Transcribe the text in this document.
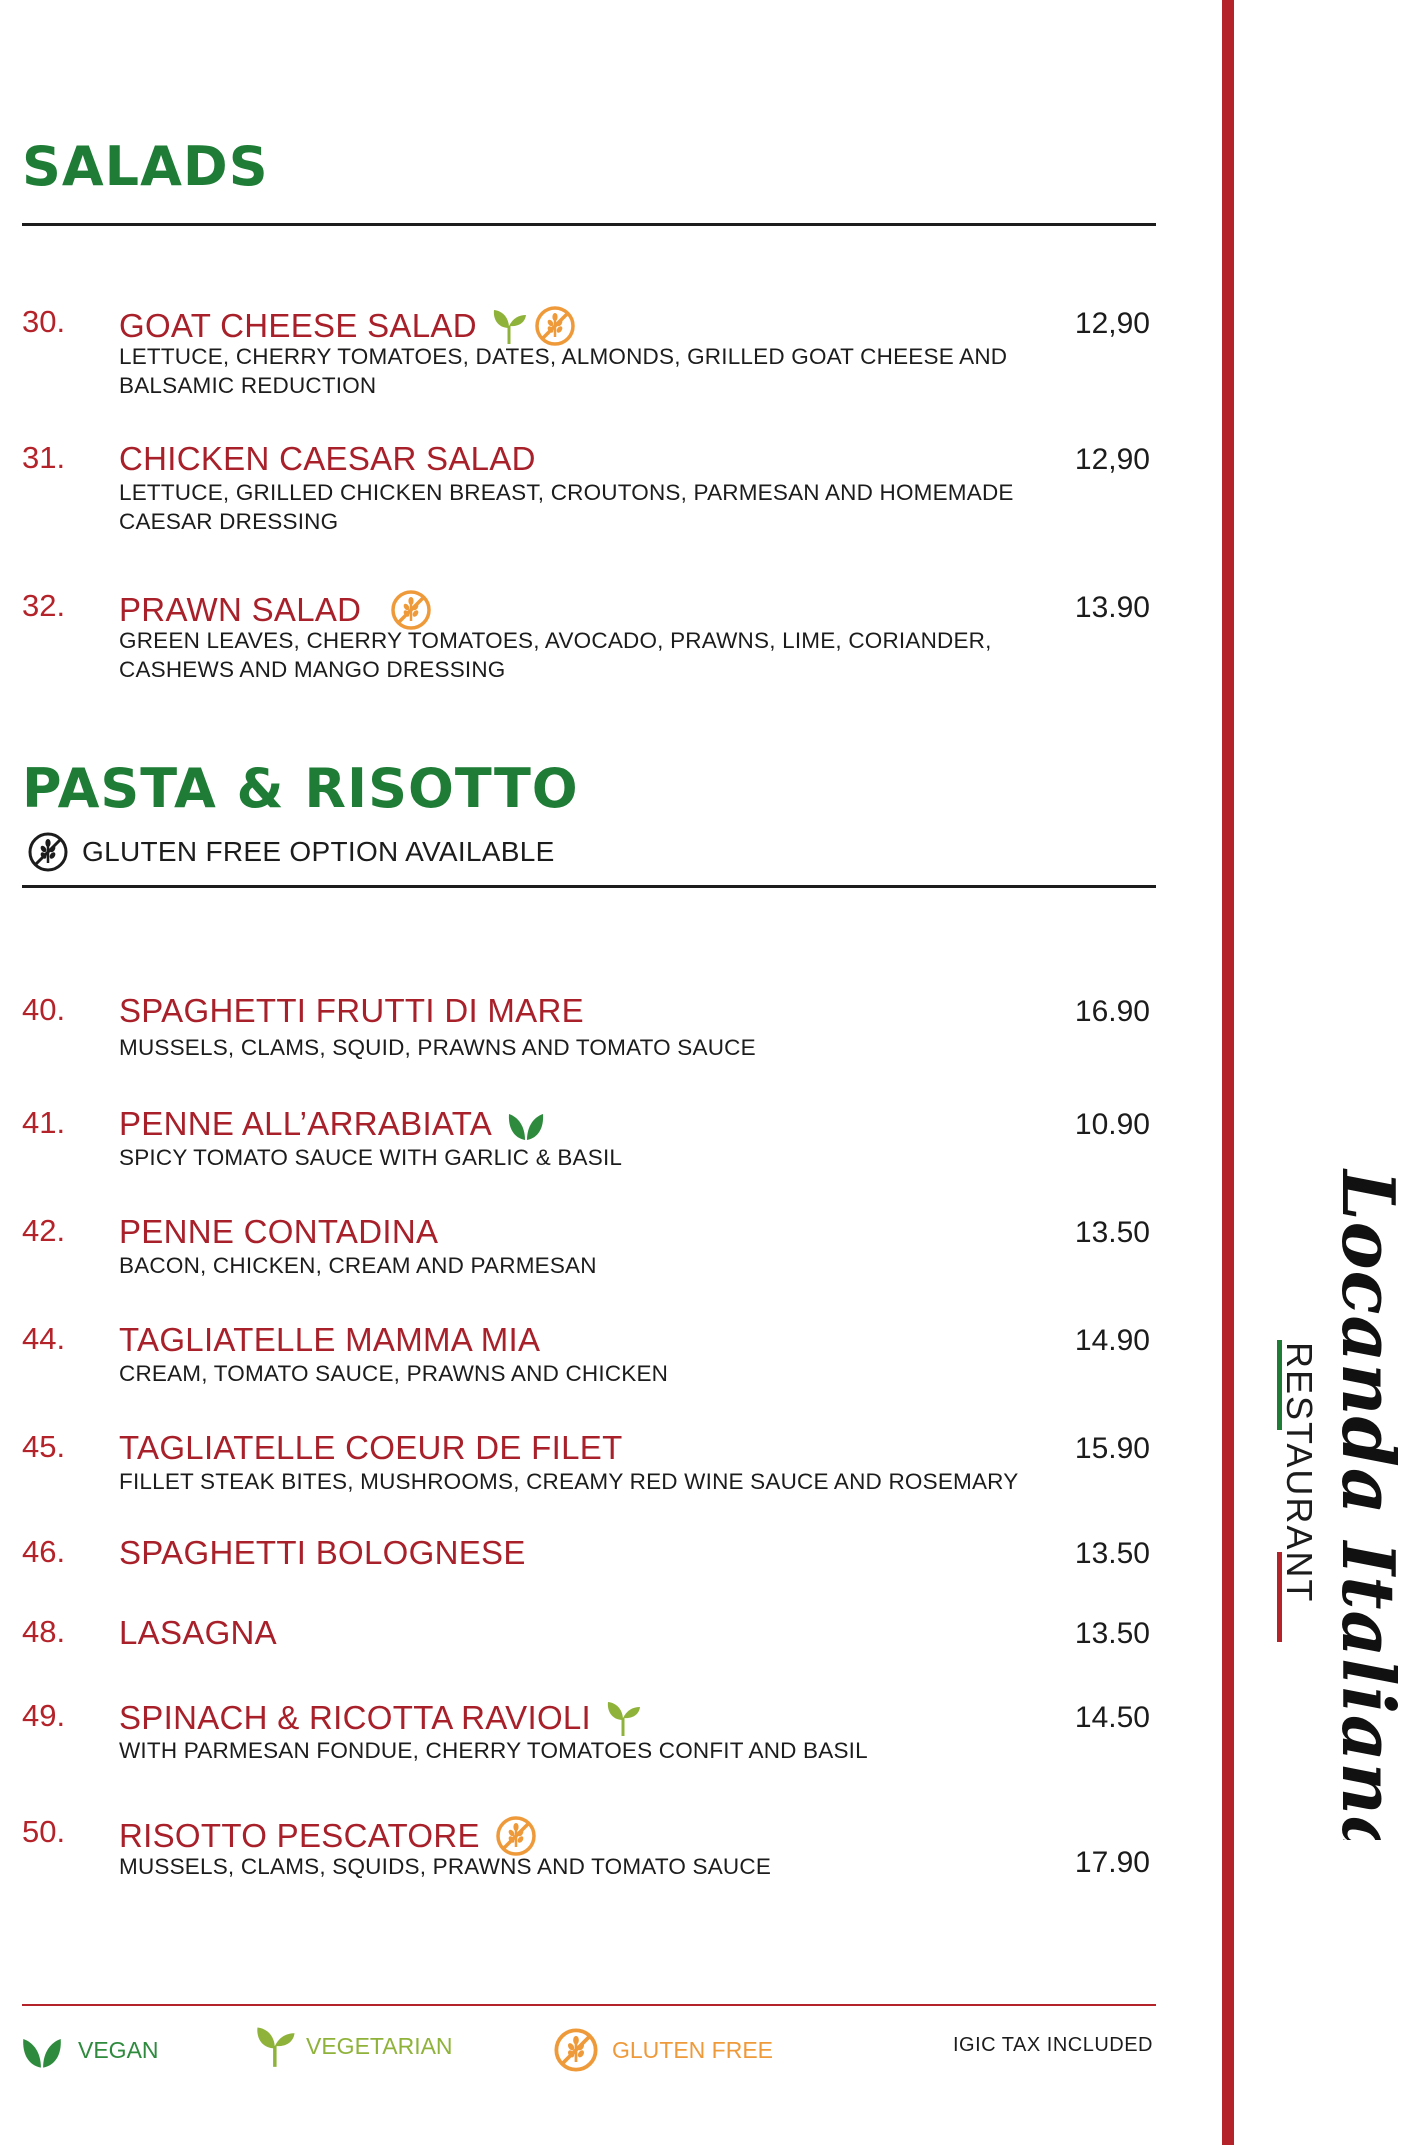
SALADS
30. GOAT CHEESE SALAD
LETTUCE, CHERRY TOMATOES, DATES, ALMONDS, GRILLED GOAT CHEESE AND BALSAMIC REDUCTION
12,90
31. CHICKEN CAESAR SALAD
LETTUCE, GRILLED CHICKEN BREAST, CROUTONS, PARMESAN AND HOMEMADE CAESAR DRESSING
12,90
32. PRAWN SALAD
GREEN LEAVES, CHERRY TOMATOES, AVOCADO, PRAWNS, LIME, CORIANDER, CASHEWS AND MANGO DRESSING
13.90
PASTA & RISOTTO
GLUTEN FREE OPTION AVAILABLE
40. SPAGHETTI FRUTTI DI MARE
MUSSELS, CLAMS, SQUID, PRAWNS AND TOMATO SAUCE
16.90
41. PENNE ALL’ARRABIATA
SPICY TOMATO SAUCE WITH GARLIC & BASIL
10.90
42. PENNE CONTADINA
BACON, CHICKEN, CREAM AND PARMESAN
13.50
44. TAGLIATELLE MAMMA MIA
CREAM, TOMATO SAUCE, PRAWNS AND CHICKEN
14.90
45. TAGLIATELLE COEUR DE FILET
FILLET STEAK BITES, MUSHROOMS, CREAMY RED WINE SAUCE AND ROSEMARY
15.90
46. SPAGHETTI BOLOGNESE	13.50
48. LASAGNA	13.50
49. SPINACH & RICOTTA RAVIOLI
WITH PARMESAN FONDUE, CHERRY TOMATOES CONFIT AND BASIL
14.50
50. RISOTTO PESCATORE
MUSSELS, CLAMS, SQUIDS, PRAWNS AND TOMATO SAUCE	17.90
VEGAN	VEGETARIAN	GLUTEN FREE	IGIC TAX INCLUDED
RESTAURANT Locanda Italiana
